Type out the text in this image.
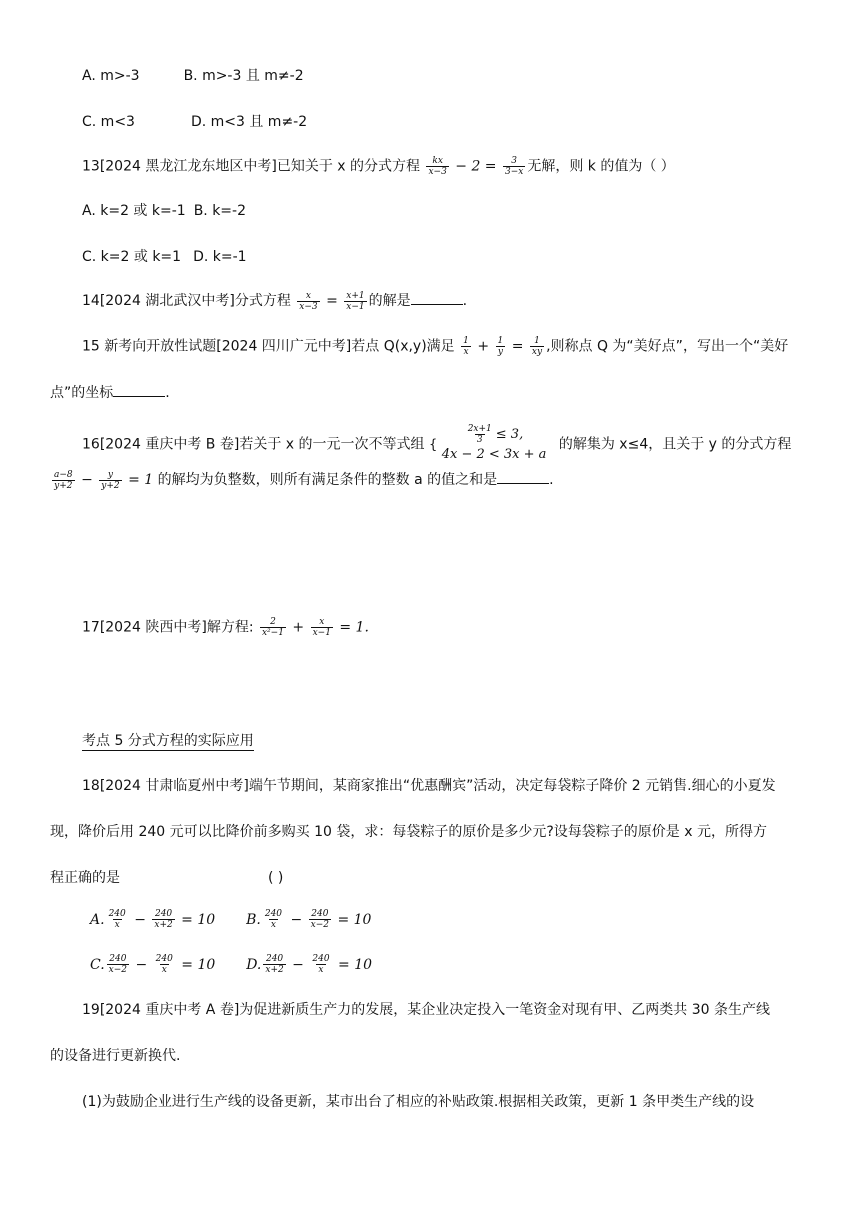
A. m>-3	B. m>-3 且 m≠-2
C. m<3	D. m<3 且 m≠-2
13[2024 黑龙江龙东地区中考]已知关于 x 的分式方程 $\frac{kx}{x-3} - 2 = \frac{3}{3-x}$ 无解，则 k 的值为（ ）
A. k=2 或 k=-1 B. k=-2
C. k=2 或 k=1 D. k=-1
14[2024 湖北武汉中考]分式方程 $\frac{x}{x-3} = \frac{x+1}{x-1}$ 的解是	.
15 新考向开放性试题[2024 四川广元中考]若点 Q(x,y)满足 $\frac{1}{x} + \frac{1}{y} = \frac{1}{xy}$ ,则称点 Q 为“美好点”，写出一个“美好
点”的坐标	.
16[2024 重庆中考 B 卷]若关于 x 的一元一次不等式组 {	$\frac{2x+1}{3} \le 3$,
4x − 2 < 3x + a
的解集为 x≤4，且关于 y 的分式方程
$\frac{a-8}{y+2} - \frac{y}{y+2} = 1$ 的解均为负整数，则所有满足条件的整数 a 的值之和是	.
17[2024 陕西中考]解方程: $\frac{2}{\text{x²−1}} + \frac{x}{x-1} = 1$.
考点 5 分式方程的实际应用
18[2024 甘肃临夏州中考]端午节期间，某商家推出“优惠酬宾”活动，决定每袋粽子降价 2 元销售.细心的小夏发
现，降价后用 240 元可以比降价前多购买 10 袋，求：每袋粽子的原价是多少元?设每袋粽子的原价是 x 元，所得方
程正确的是	( )
A. $\frac{240}{x} - \frac{240}{x+2} = 10$ B. $\frac{240}{x} - \frac{240}{x-2} = 10$
C. $\frac{240}{x-2} - \frac{240}{x} = 10$ D. $\frac{240}{x+2} - \frac{240}{x} = 10$
19[2024 重庆中考 A 卷]为促进新质生产力的发展，某企业决定投入一笔资金对现有甲、乙两类共 30 条生产线
的设备进行更新换代.
(1)为鼓励企业进行生产线的设备更新，某市出台了相应的补贴政策.根据相关政策，更新 1 条甲类生产线的设
